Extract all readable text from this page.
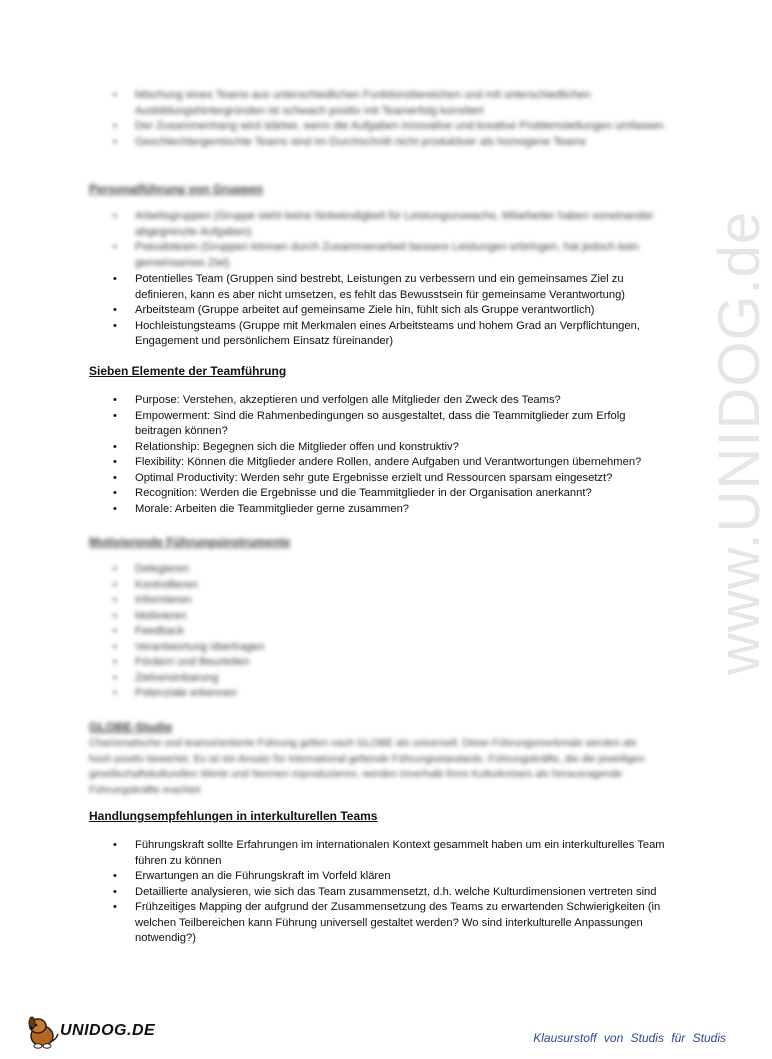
www.UNIDOG.de
• Mischung eines Teams aus unterschiedlichen Funktionsbereichen und mit unterschiedlichen Ausbildungshintergründen ist schwach positiv mit Teamerfolg korreliert
• Der Zusammenhang wird stärker, wenn die Aufgaben innovative und kreative Problemstellungen umfassen
• Geschlechtergemischte Teams sind im Durchschnitt nicht produktiver als homogene Teams
Personalführung von Gruppen
• Arbeitsgruppen (Gruppe sieht keine Notwendigkeit für Leistungszuwachs, Mitarbeiter haben voneinander abgegrenzte Aufgaben)
• Pseudoteam (Gruppen können durch Zusammenarbeit bessere Leistungen erbringen, hat jedoch kein gemeinsames Ziel)
• Potentielles Team (Gruppen sind bestrebt, Leistungen zu verbessern und ein gemeinsames Ziel zu definieren, kann es aber nicht umsetzen, es fehlt das Bewusstsein für gemeinsame Verantwortung)
• Arbeitsteam (Gruppe arbeitet auf gemeinsame Ziele hin, fühlt sich als Gruppe verantwortlich)
• Hochleistungsteams (Gruppe mit Merkmalen eines Arbeitsteams und hohem Grad an Verpflichtungen, Engagement und persönlichem Einsatz füreinander)
Sieben Elemente der Teamführung
• Purpose: Verstehen, akzeptieren und verfolgen alle Mitglieder den Zweck des Teams?
• Empowerment: Sind die Rahmenbedingungen so ausgestaltet, dass die Teammitglieder zum Erfolg beitragen können?
• Relationship: Begegnen sich die Mitglieder offen und konstruktiv?
• Flexibility: Können die Mitglieder andere Rollen, andere Aufgaben und Verantwortungen übernehmen?
• Optimal Productivity: Werden sehr gute Ergebnisse erzielt und Ressourcen sparsam eingesetzt?
• Recognition: Werden die Ergebnisse und die Teammitglieder in der Organisation anerkannt?
• Morale: Arbeiten die Teammitglieder gerne zusammen?
Motivierende Führungsinstrumente
• Delegieren
• Kontrollieren
• Informieren
• Motivieren
• Feedback
• Verantwortung übertragen
• Fördern und Beurteilen
• Zielvereinbarung
• Potenziale erkennen
GLOBE-Studie
Charismatische und teamorientierte Führung gelten nach GLOBE als universell. Diese Führungsmerkmale werden als hoch positiv bewertet. Es ist ein Ansatz für international geltende Führungsstandards. Führungskräfte, die die jeweiligen gesellschaftskulturellen Werte und Normen reproduzieren, werden innerhalb ihres Kulturkreises als herausragende Führungskräfte erachtet
Handlungsempfehlungen in interkulturellen Teams
• Führungskraft sollte Erfahrungen im internationalen Kontext gesammelt haben um ein interkulturelles Team führen zu können
• Erwartungen an die Führungskraft im Vorfeld klären
• Detaillierte analysieren, wie sich das Team zusammensetzt, d.h. welche Kulturdimensionen vertreten sind
• Frühzeitiges Mapping der aufgrund der Zusammensetzung des Teams zu erwartenden Schwierigkeiten (in welchen Teilbereichen kann Führung universell gestaltet werden? Wo sind interkulturelle Anpassungen notwendig?)
UNIDOG.DE	Klausurstoff von Studis für Studis
